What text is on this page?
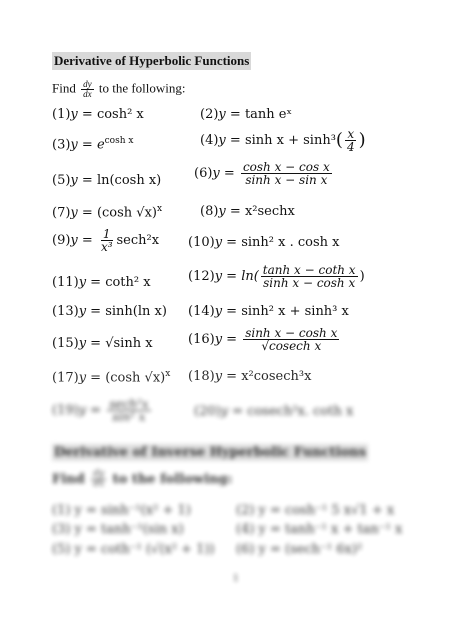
Derivative of Hyperbolic Functions
Find $\frac{dy}{dx}$ to the following:
(1)y = cosh² x	(2)y = tanh eˣ
$(3)y = e^{cosh x}$	$(4)y = \sinh x + \sinh^3( \frac{x}{4}$ )
(5)y = ln(cosh x)	$(6)y = \frac{\text{cosh x − cos x}}{\text{sinh x − sin x}}$
(7)y = (cosh √x)$^x$	(8)y = x²sechx
$(9)y = \frac{1}{\text{x³}} \sec h^2x$ (10)y = sinh² x . cosh x
(11)y = coth² x	$(12)y = \ln( \frac{\text{tanh x − coth x}}{\text{sinh x − cosh x}}$ )
(13)y = sinh(ln x) (14)y = sinh² x + sinh³ x
(15)y = √sinh x	$(16)y = \frac{\text{sinh x − cosh x}}{\text{√cosech x}}$
(17)y = (cosh √x)$^x$ (18)y = x²cosech³x
$(19)y = \frac{\text{sech²x}}{\text{sin² x}}$	(20)y = cosech²x. coth x
Derivative of Inverse Hyperbolic Functions
Find $\frac{dy}{dx}$ to the following:
(1) y = sinh⁻¹(x² + 1)	(2) y = cosh⁻¹ 5 x√1 + x
(3) y = tanh⁻¹(sin x)	(4) y = tanh⁻¹ x + tan⁻¹ x
(5) y = coth⁻¹ (√(x² + 1)) (6) y = (sech⁻¹ 6x)²
1
